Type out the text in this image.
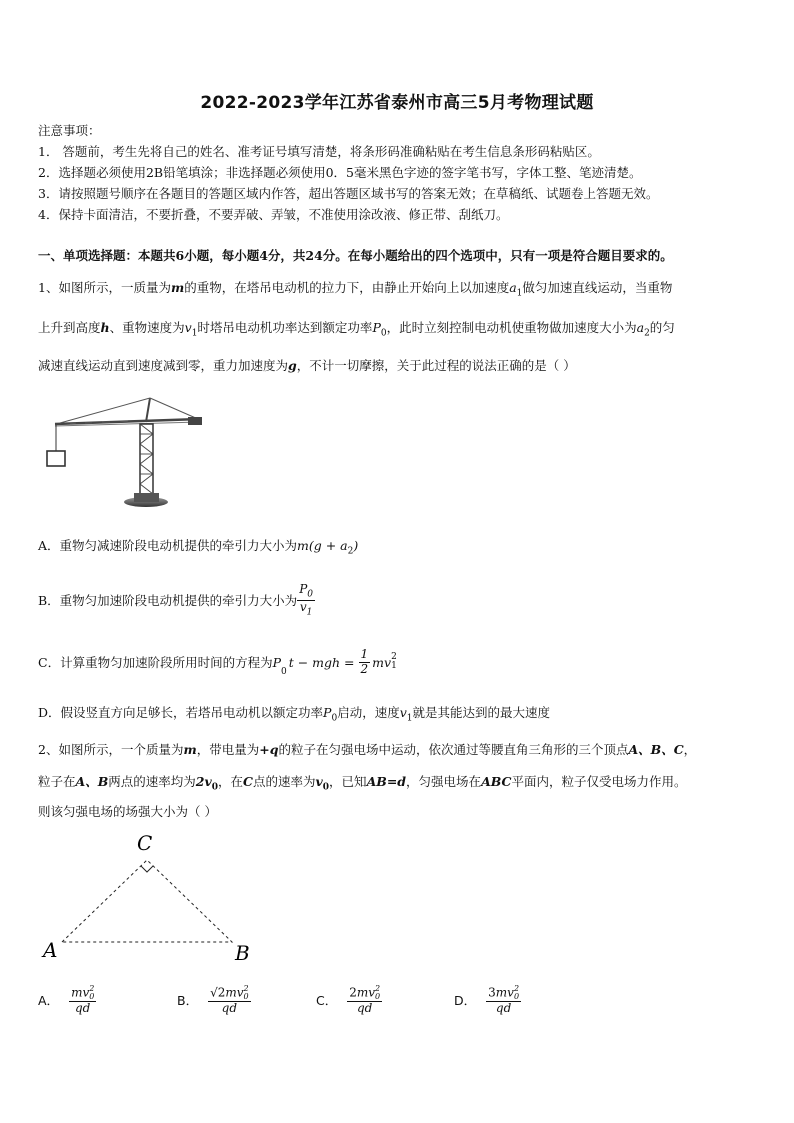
2022-2023学年江苏省泰州市高三5月考物理试题
注意事项：
1． 答题前，考生先将自己的姓名、准考证号填写清楚，将条形码准确粘贴在考生信息条形码粘贴区。
2．选择题必须使用2B铅笔填涂；非选择题必须使用0．5毫米黑色字迹的签字笔书写，字体工整、笔迹清楚。
3．请按照题号顺序在各题目的答题区域内作答，超出答题区域书写的答案无效；在草稿纸、试题卷上答题无效。
4．保持卡面清洁，不要折叠，不要弄破、弄皱，不准使用涂改液、修正带、刮纸刀。
一、单项选择题：本题共6小题，每小题4分，共24分。在每小题给出的四个选项中，只有一项是符合题目要求的。
1、如图所示，一质量为m的重物，在塔吊电动机的拉力下，由静止开始向上以加速度$a_1$做匀加速直线运动，当重物
上升到高度h、重物速度为$v_1$时塔吊电动机功率达到额定功率$P_0$，此时立刻控制电动机使重物做加速度大小为$a_2$的匀
减速直线运动直到速度减到零，重力加速度为g，不计一切摩擦，关于此过程的说法正确的是（ ）
A．重物匀减速阶段电动机提供的牵引力大小为$m(g + a_2)$
B．重物匀加速阶段电动机提供的牵引力大小为 $\frac{P_0}{v_1}$
C．计算重物匀加速阶段所用时间的方程为 P
$_0$
t − mgh = $\frac{1}{2}$ mv 2
1
D．假设竖直方向足够长，若塔吊电动机以额定功率$P_0$启动，速度$v_1$就是其能达到的最大速度
2、如图所示，一个质量为m，带电量为+q的粒子在匀强电场中运动，依次通过等腰直角三角形的三个顶点A、B、C，
粒子在A、B两点的速率均为$2v_0$，在C点的速率为$v_0$，已知AB=d，匀强电场在ABC平面内，粒子仅受电场力作用。
则该匀强电场的场强大小为（ ）
C
A	B
A． mv 2
0
qd	B． √2mv 2
0
qd	C． 2mv 2
0
qd	D． 3mv 2
0
qd
